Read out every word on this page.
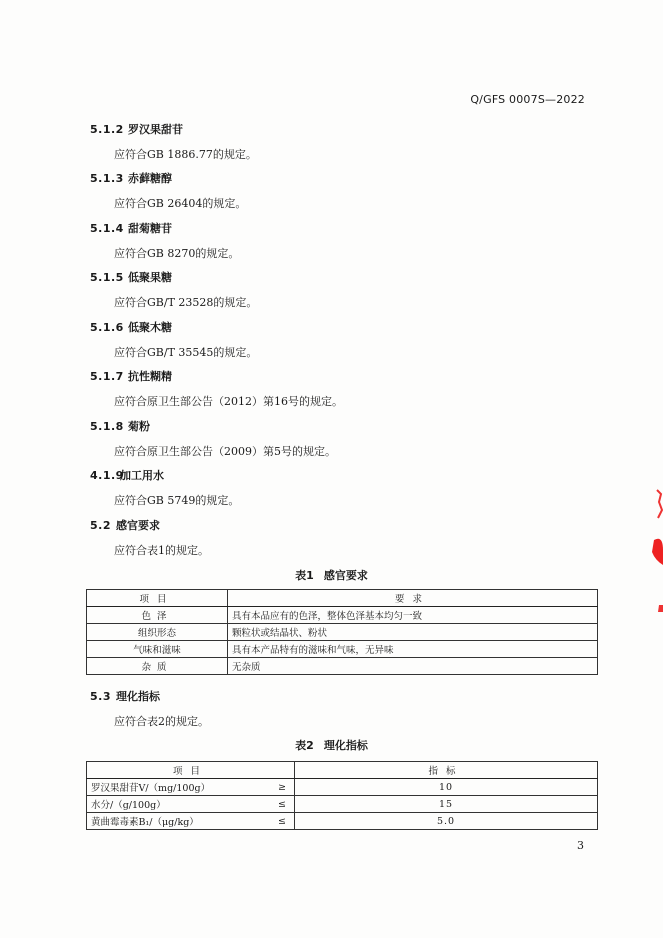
Q/GFS 0007S—2022
5.1.2 罗汉果甜苷
应符合GB 1886.77的规定。
5.1.3 赤藓糖醇
应符合GB 26404的规定。
5.1.4 甜菊糖苷
应符合GB 8270的规定。
5.1.5 低聚果糖
应符合GB/T 23528的规定。
5.1.6 低聚木糖
应符合GB/T 35545的规定。
5.1.7 抗性糊精
应符合原卫生部公告（2012）第16号的规定。
5.1.8 菊粉
应符合原卫生部公告（2009）第5号的规定。
4.1.9加工用水
应符合GB 5749的规定。
5.2 感官要求
应符合表1的规定。
表1 感官要求
项目	要求
色泽	具有本品应有的色泽，整体色泽基本均匀一致
组织形态	颗粒状或结晶状、粉状
气味和滋味	具有本产品特有的滋味和气味，无异味
杂质	无杂质
5.3 理化指标
应符合表2的规定。
表2 理化指标
项目		指标
罗汉果甜苷V/（mg/100g）	≥	10
水分/（g/100g）	≤	15
黄曲霉毒素B₁/（μg/kg）	≤	5.0
3
